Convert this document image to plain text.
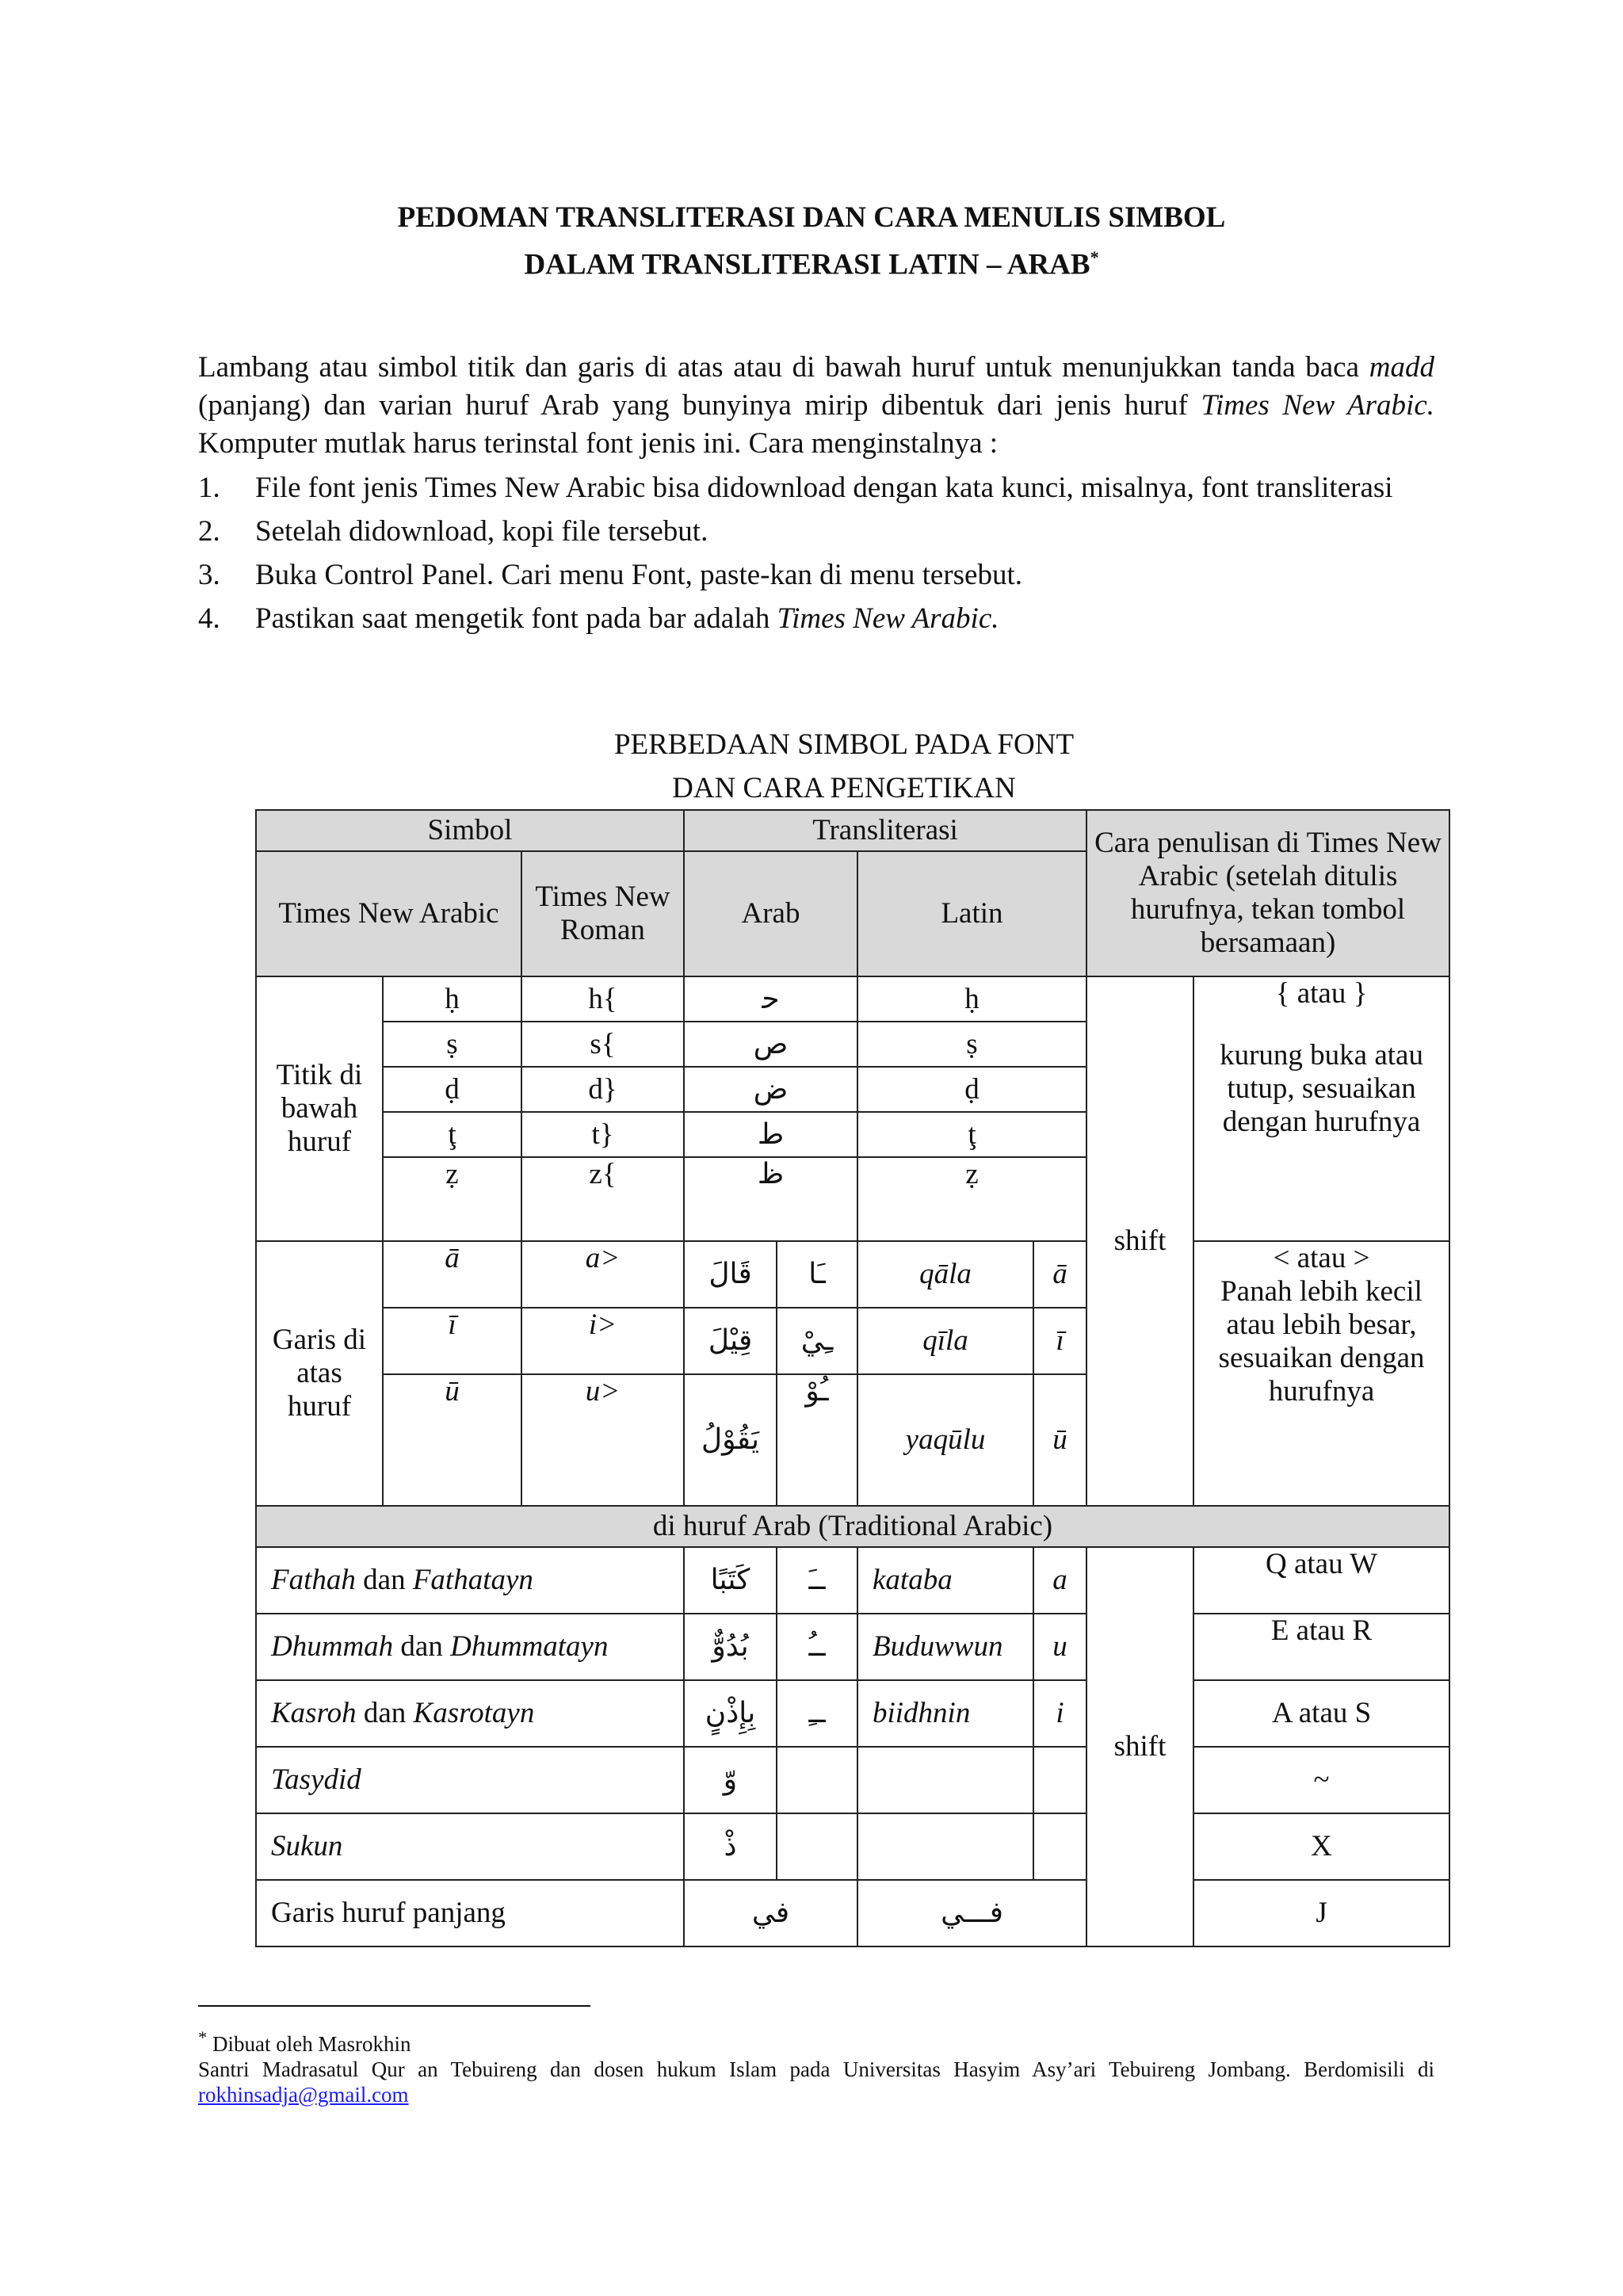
PEDOMAN TRANSLITERASI DAN CARA MENULIS SIMBOL
DALAM TRANSLITERASI LATIN – ARAB*
Lambang atau simbol titik dan garis di atas atau di bawah huruf untuk menunjukkan tanda baca madd (panjang) dan varian huruf Arab yang bunyinya mirip dibentuk dari jenis huruf Times New Arabic. Komputer mutlak harus terinstal font jenis ini. Cara menginstalnya :
1.	File font jenis Times New Arabic bisa didownload dengan kata kunci, misalnya, font transliterasi
2.	Setelah didownload, kopi file tersebut.
3.	Buka Control Panel. Cari menu Font, paste-kan di menu tersebut.
4.	Pastikan saat mengetik font pada bar adalah Times New Arabic.
PERBEDAAN SIMBOL PADA FONT
DAN CARA PENGETIKAN
Simbol			Transliterasi				Cara penulisan di Times New Arabic (setelah ditulis hurufnya, tekan tombol bersamaan)	
Times New Arabic		Times New Roman	Arab		Latin			
Titik di bawah huruf	ḥ	h{	ﺣ		ḥ		shift	{ atau }
kurung buka atau tutup, sesuaikan dengan hurufnya

	ṣ	s{	ص		ṣ			
	ḍ	d}	ض		ḍ			
	ţ	t}	ط		ţ			
	ẓ	z{	ظ		ẓ			
Garis di atas huruf	ā	a>	قَالَ	ـَا	qāla	ā		< atau >
Panah lebih kecil atau lebih besar, sesuaikan dengan hurufnya

	ī	i>	قِيْلَ	ـِيْ	qīla	ī		
	ū	u>	يَقُوْلُ	ـُوْ	yaqūlu	ū		
di huruf Arab (Traditional Arabic)								
Fathah dan Fathatayn			كَتَبًا	ــَ	kataba	a	shift	Q atau W
Dhummah dan Dhummatayn			بُدُوٌّ	ــُ	Buduwwun	u		E atau R
Kasroh dan Kasrotayn			بِإِذْنٍ	ــِ	biidhnin	i		A atau S
Tasydid			وّ					~
Sukun			ذْ					X
Garis huruf panjang			في		فـــي			J
* Dibuat oleh Masrokhin
Santri Madrasatul Qur an Tebuireng dan dosen hukum Islam pada Universitas Hasyim Asy’ari Tebuireng Jombang. Berdomisili di rokhinsadja@gmail.com
